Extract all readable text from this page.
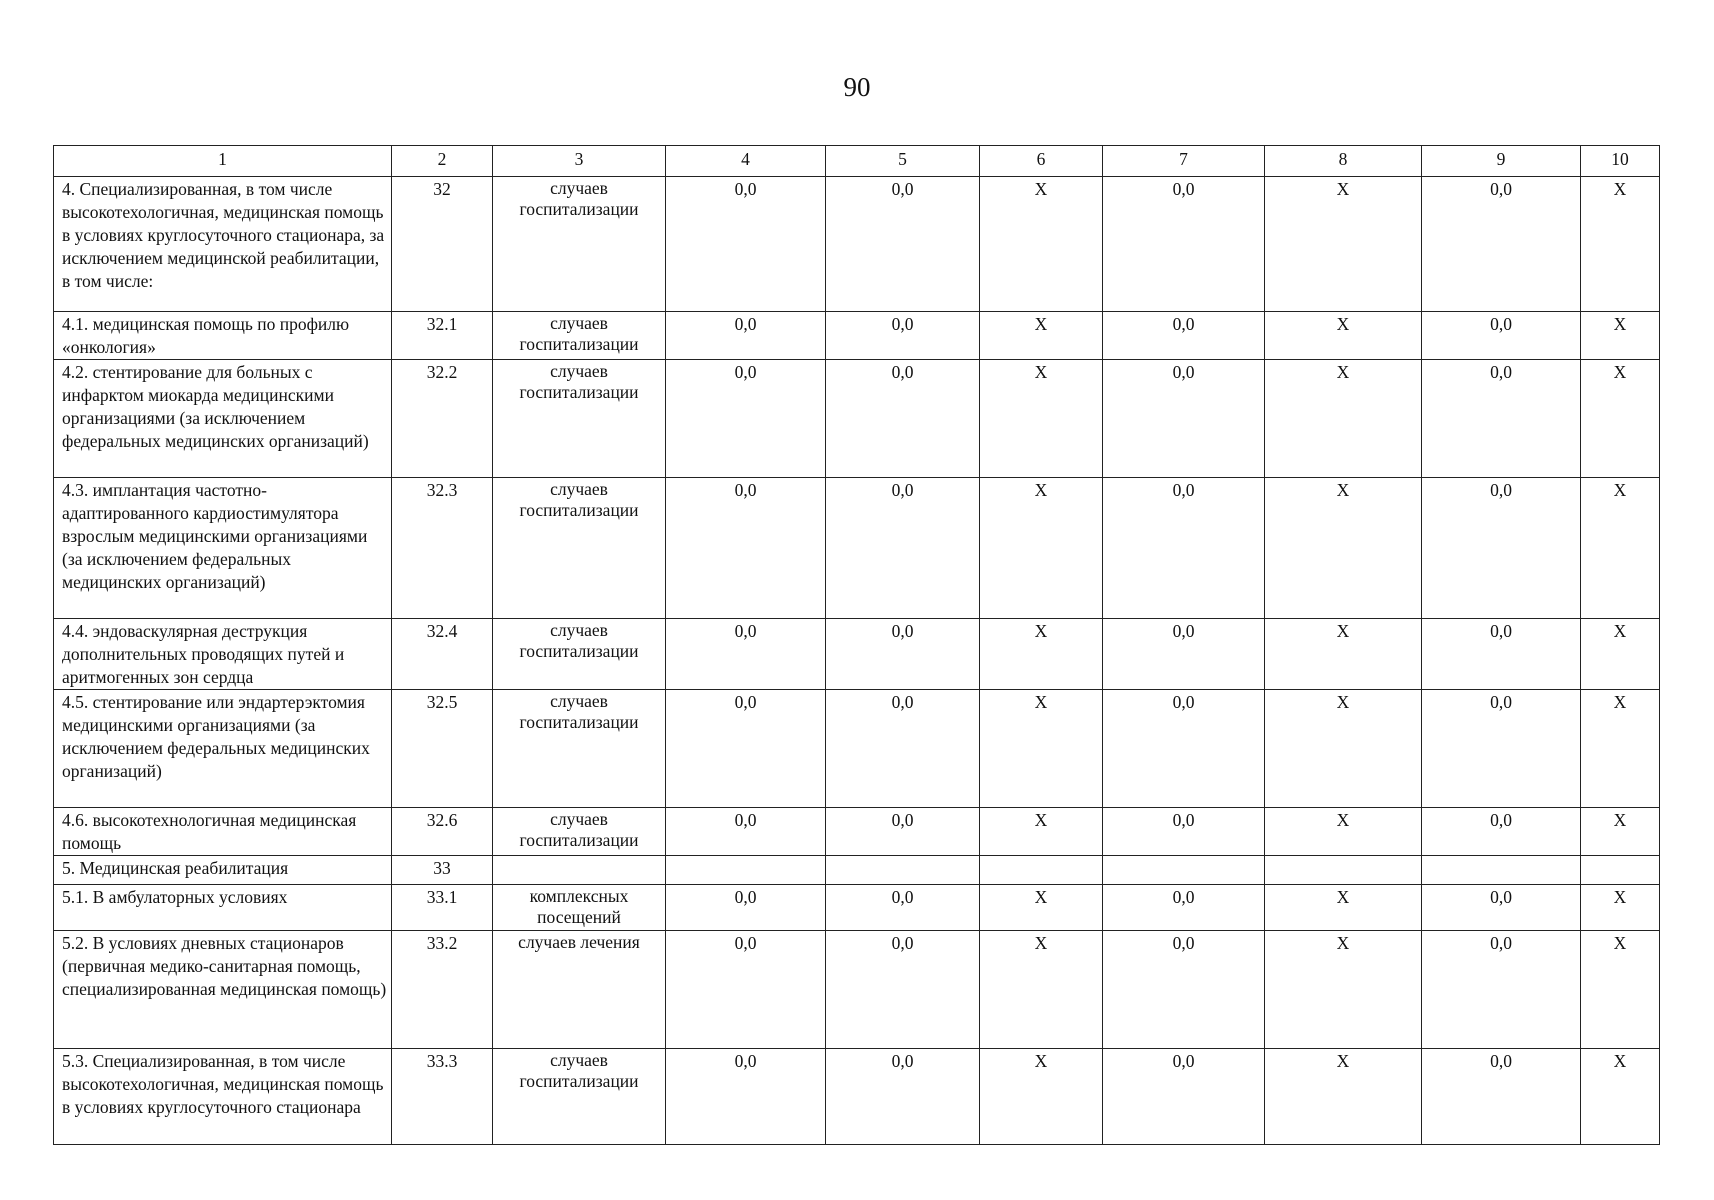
90
1	2	3	4	5	6	7	8	9	10
4. Специализированная, в том числе высокотехологичная, медицинская помощь в условиях круглосуточного стационара, за исключением медицинской реабилитации, в том числе:	32	случаев госпитализации	0,0	0,0	Х	0,0	Х	0,0	Х
4.1. медицинская помощь по профилю «онкология»	32.1	случаев госпитализации	0,0	0,0	Х	0,0	Х	0,0	Х
4.2. стентирование для больных с инфарктом миокарда медицинскими организациями (за исключением федеральных медицинских организаций)	32.2	случаев госпитализации	0,0	0,0	Х	0,0	Х	0,0	Х
4.3. имплантация частотно-адаптированного кардиостимулятора взрослым медицинскими организациями (за исключением федеральных медицинских организаций)	32.3	случаев госпитализации	0,0	0,0	Х	0,0	Х	0,0	Х
4.4. эндоваскулярная деструкция дополнительных проводящих путей и аритмогенных зон сердца	32.4	случаев госпитализации	0,0	0,0	Х	0,0	Х	0,0	Х
4.5. стентирование или эндартерэктомия медицинскими организациями (за исключением федеральных медицинских организаций)	32.5	случаев госпитализации	0,0	0,0	Х	0,0	Х	0,0	Х
4.6. высокотехнологичная медицинская помощь	32.6	случаев госпитализации	0,0	0,0	Х	0,0	Х	0,0	Х
5. Медицинская реабилитация	33								
5.1. В амбулаторных условиях	33.1	комплексных посещений	0,0	0,0	Х	0,0	Х	0,0	Х
5.2. В условиях дневных стационаров (первичная медико-санитарная помощь, специализированная медицинская помощь)	33.2	случаев лечения	0,0	0,0	Х	0,0	Х	0,0	Х
5.3. Специализированная, в том числе высокотехологичная, медицинская помощь в условиях круглосуточного стационара	33.3	случаев госпитализации	0,0	0,0	Х	0,0	Х	0,0	Х
